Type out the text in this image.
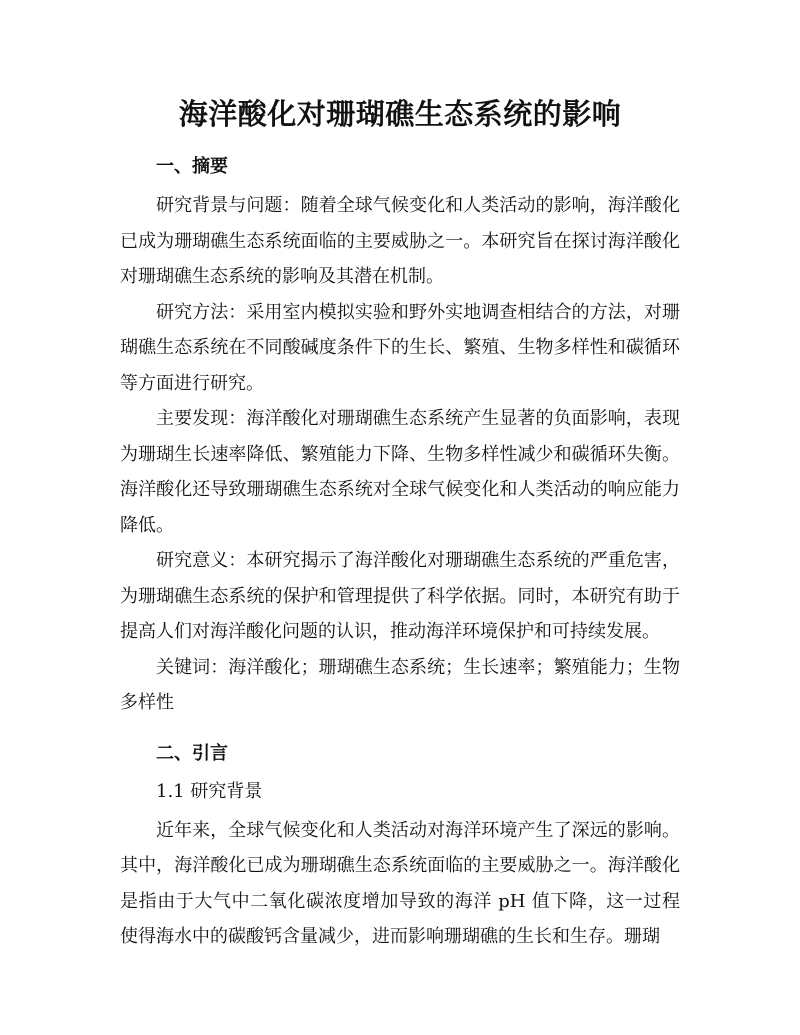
海洋酸化对珊瑚礁生态系统的影响
一、摘要

研究背景与问题：随着全球气候变化和人类活动的影响，海洋酸化已成为珊瑚礁生态系统面临的主要威胁之一。本研究旨在探讨海洋酸化对珊瑚礁生态系统的影响及其潜在机制。

研究方法：采用室内模拟实验和野外实地调查相结合的方法，对珊瑚礁生态系统在不同酸碱度条件下的生长、繁殖、生物多样性和碳循环等方面进行研究。

主要发现：海洋酸化对珊瑚礁生态系统产生显著的负面影响，表现为珊瑚生长速率降低、繁殖能力下降、生物多样性减少和碳循环失衡。海洋酸化还导致珊瑚礁生态系统对全球气候变化和人类活动的响应能力降低。

研究意义：本研究揭示了海洋酸化对珊瑚礁生态系统的严重危害，为珊瑚礁生态系统的保护和管理提供了科学依据。同时，本研究有助于提高人们对海洋酸化问题的认识，推动海洋环境保护和可持续发展。

关键词：海洋酸化；珊瑚礁生态系统；生长速率；繁殖能力；生物多样性

二、引言
1.1 研究背景

近年来，全球气候变化和人类活动对海洋环境产生了深远的影响。其中，海洋酸化已成为珊瑚礁生态系统面临的主要威胁之一。海洋酸化是指由于大气中二氧化碳浓度增加导致的海洋 pH 值下降，这一过程使得海水中的碳酸钙含量减少，进而影响珊瑚礁的生长和生存。珊瑚
